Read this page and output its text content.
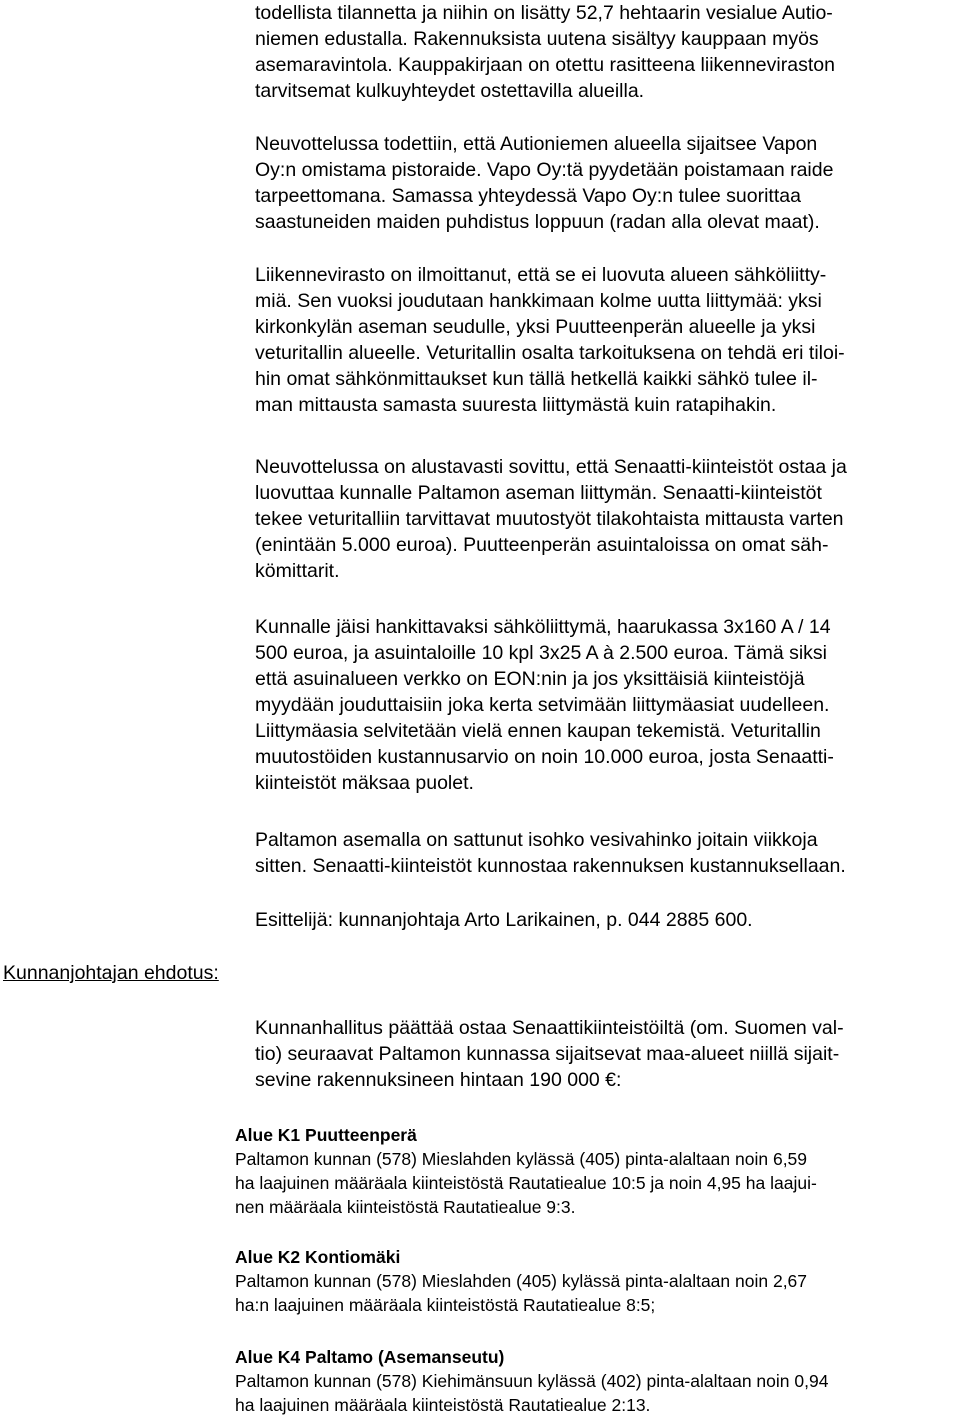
Kunnanjohtajan ehdotus:
todellista tilannetta ja niihin on lisätty 52,7 hehtaarin vesialue Autio-
niemen edustalla. Rakennuksista uutena sisältyy kauppaan myös
asemaravintola. Kauppakirjaan on otettu rasitteena liikenneviraston
tarvitsemat kulkuyhteydet ostettavilla alueilla.
Neuvottelussa todettiin, että Autioniemen alueella sijaitsee Vapon
Oy:n omistama pistoraide. Vapo Oy:tä pyydetään poistamaan raide
tarpeettomana. Samassa yhteydessä Vapo Oy:n tulee suorittaa
saastuneiden maiden puhdistus loppuun (radan alla olevat maat).
Liikennevirasto on ilmoittanut, että se ei luovuta alueen sähköliitty-
miä. Sen vuoksi joudutaan hankkimaan kolme uutta liittymää: yksi
kirkonkylän aseman seudulle, yksi Puutteenperän alueelle ja yksi
veturitallin alueelle. Veturitallin osalta tarkoituksena on tehdä eri tiloi-
hin omat sähkönmittaukset kun tällä hetkellä kaikki sähkö tulee il-
man mittausta samasta suuresta liittymästä kuin ratapihakin.
Neuvottelussa on alustavasti sovittu, että Senaatti-kiinteistöt ostaa ja
luovuttaa kunnalle Paltamon aseman liittymän. Senaatti-kiinteistöt
tekee veturitalliin tarvittavat muutostyöt tilakohtaista mittausta varten
(enintään 5.000 euroa). Puutteenperän asuintaloissa on omat säh-
kömittarit.
Kunnalle jäisi hankittavaksi sähköliittymä, haarukassa 3x160 A / 14
500 euroa, ja asuintaloille 10 kpl 3x25 A à 2.500 euroa. Tämä siksi
että asuinalueen verkko on EON:nin ja jos yksittäisiä kiinteistöjä
myydään jouduttaisiin joka kerta setvimään liittymäasiat uudelleen.
Liittymäasia selvitetään vielä ennen kaupan tekemistä. Veturitallin
muutostöiden kustannusarvio on noin 10.000 euroa, josta Senaatti-
kiinteistöt mäksaa puolet.
Paltamon asemalla on sattunut isohko vesivahinko joitain viikkoja
sitten. Senaatti-kiinteistöt kunnostaa rakennuksen kustannuksellaan.
Esittelijä: kunnanjohtaja Arto Larikainen, p. 044 2885 600.
Kunnanhallitus päättää ostaa Senaattikiinteistöiltä (om. Suomen val-
tio) seuraavat Paltamon kunnassa sijaitsevat maa-alueet niillä sijait-
sevine rakennuksineen hintaan 190 000 €:
Alue K1 Puutteenperä
Paltamon kunnan (578) Mieslahden kylässä (405) pinta-alaltaan noin 6,59
ha laajuinen määräala kiinteistöstä Rautatiealue 10:5 ja noin 4,95 ha laajui-
nen määräala kiinteistöstä Rautatiealue 9:3.
Alue K2 Kontiomäki
Paltamon kunnan (578) Mieslahden (405) kylässä pinta-alaltaan noin 2,67
ha:n laajuinen määräala kiinteistöstä Rautatiealue 8:5;
Alue K4 Paltamo (Asemanseutu)
Paltamon kunnan (578) Kiehimänsuun kylässä (402) pinta-alaltaan noin 0,94
ha laajuinen määräala kiinteistöstä Rautatiealue 2:13.
